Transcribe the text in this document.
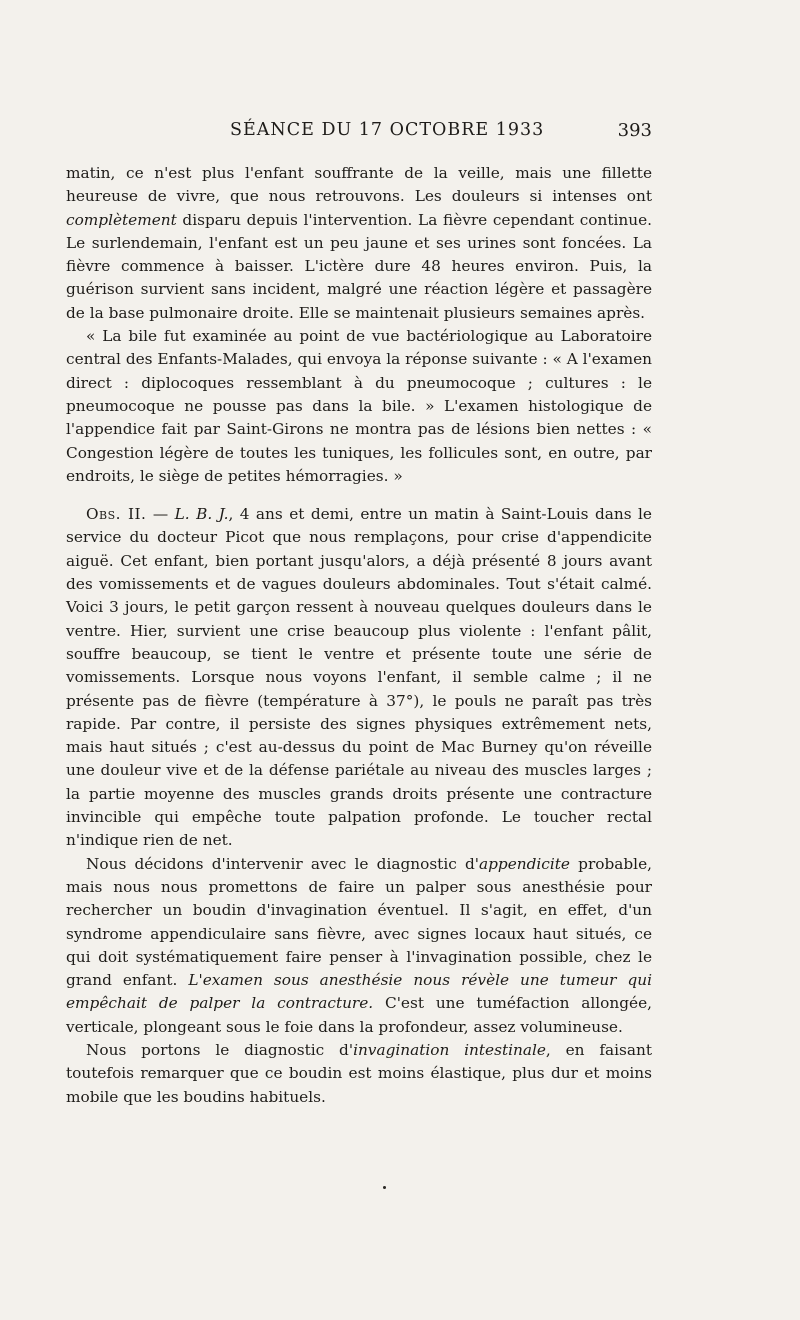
SÉANCE DU 17 OCTOBRE 1933	393

matin, ce n'est plus l'enfant souffrante de la veille, mais une fillette heureuse de vivre, que nous retrouvons. Les douleurs si intenses ont complètement disparu depuis l'intervention. La fièvre cependant continue. Le surlendemain, l'enfant est un peu jaune et ses urines sont foncées. La fièvre commence à baisser. L'ictère dure 48 heures environ. Puis, la guérison survient sans incident, malgré une réaction légère et passagère de la base pulmonaire droite. Elle se maintenait plusieurs semaines après.

« La bile fut examinée au point de vue bactériologique au Laboratoire central des Enfants-Malades, qui envoya la réponse suivante : « A l'examen direct : diplocoques ressemblant à du pneumocoque ; cultures : le pneumocoque ne pousse pas dans la bile. » L'examen histologique de l'appendice fait par Saint-Girons ne montra pas de lésions bien nettes : « Congestion légère de toutes les tuniques, les follicules sont, en outre, par endroits, le siège de petites hémorragies. »

Obs. II. — L. B. J., 4 ans et demi, entre un matin à Saint-Louis dans le service du docteur Picot que nous remplaçons, pour crise d'appendicite aiguë. Cet enfant, bien portant jusqu'alors, a déjà présenté 8 jours avant des vomissements et de vagues douleurs abdominales. Tout s'était calmé. Voici 3 jours, le petit garçon ressent à nouveau quelques douleurs dans le ventre. Hier, survient une crise beaucoup plus violente : l'enfant pâlit, souffre beaucoup, se tient le ventre et présente toute une série de vomissements. Lorsque nous voyons l'enfant, il semble calme ; il ne présente pas de fièvre (température à 37°), le pouls ne paraît pas très rapide. Par contre, il persiste des signes physiques extrêmement nets, mais haut situés ; c'est au-dessus du point de Mac Burney qu'on réveille une douleur vive et de la défense pariétale au niveau des muscles larges ; la partie moyenne des muscles grands droits présente une contracture invincible qui empêche toute palpation profonde. Le toucher rectal n'indique rien de net.

Nous décidons d'intervenir avec le diagnostic d'appendicite probable, mais nous nous promettons de faire un palper sous anesthésie pour rechercher un boudin d'invagination éventuel. Il s'agit, en effet, d'un syndrome appendiculaire sans fièvre, avec signes locaux haut situés, ce qui doit systématiquement faire penser à l'invagination possible, chez le grand enfant. L'examen sous anesthésie nous révèle une tumeur qui empêchait de palper la contracture. C'est une tuméfaction allongée, verticale, plongeant sous le foie dans la profondeur, assez volumineuse.

Nous portons le diagnostic d'invagination intestinale, en faisant toutefois remarquer que ce boudin est moins élastique, plus dur et moins mobile que les boudins habituels.
